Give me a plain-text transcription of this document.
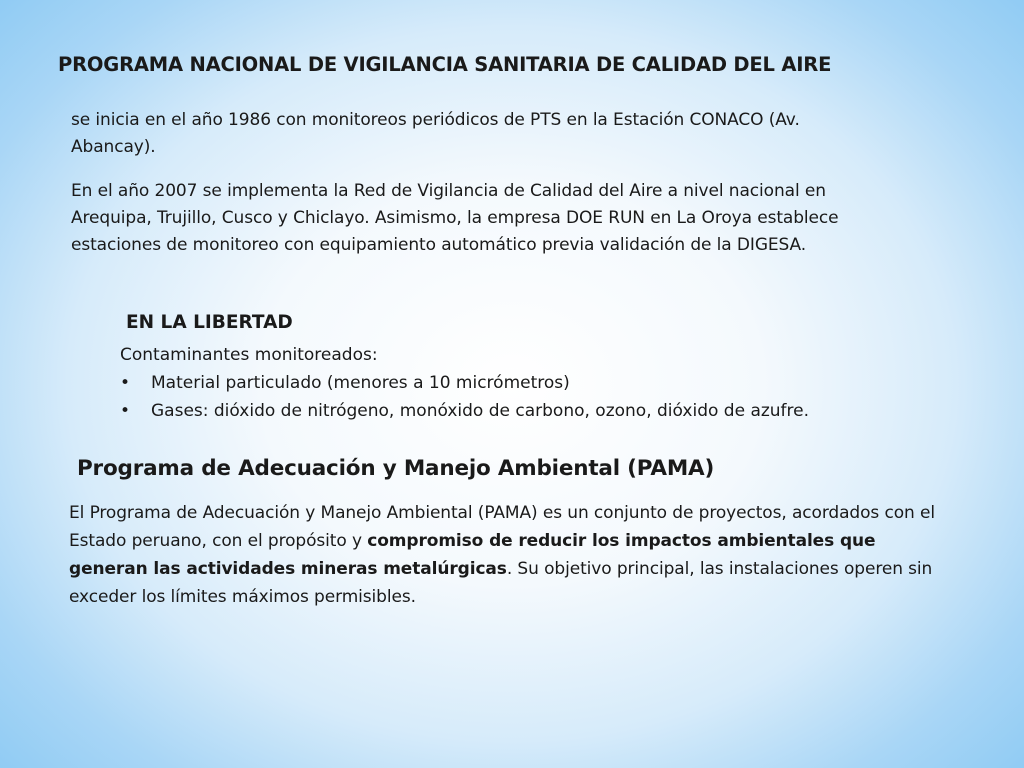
PROGRAMA NACIONAL DE VIGILANCIA SANITARIA DE CALIDAD DEL AIRE

se inicia en el año 1986 con monitoreos periódicos de PTS en la Estación CONACO (Av. Abancay).

En el año 2007 se implementa la Red de Vigilancia de Calidad del Aire a nivel nacional en Arequipa, Trujillo, Cusco y Chiclayo. Asimismo, la empresa DOE RUN en La Oroya establece estaciones de monitoreo con equipamiento automático previa validación de la DIGESA.

EN LA LIBERTAD
Contaminantes monitoreados:
• Material particulado (menores a 10 micrómetros)
• Gases: dióxido de nitrógeno, monóxido de carbono, ozono, dióxido de azufre.
Programa de Adecuación y Manejo Ambiental (PAMA)

El Programa de Adecuación y Manejo Ambiental (PAMA) es un conjunto de proyectos, acordados con el Estado peruano, con el propósito y compromiso de reducir los impactos ambientales que generan las actividades mineras metalúrgicas. Su objetivo principal, las instalaciones operen sin exceder los límites máximos permisibles.
